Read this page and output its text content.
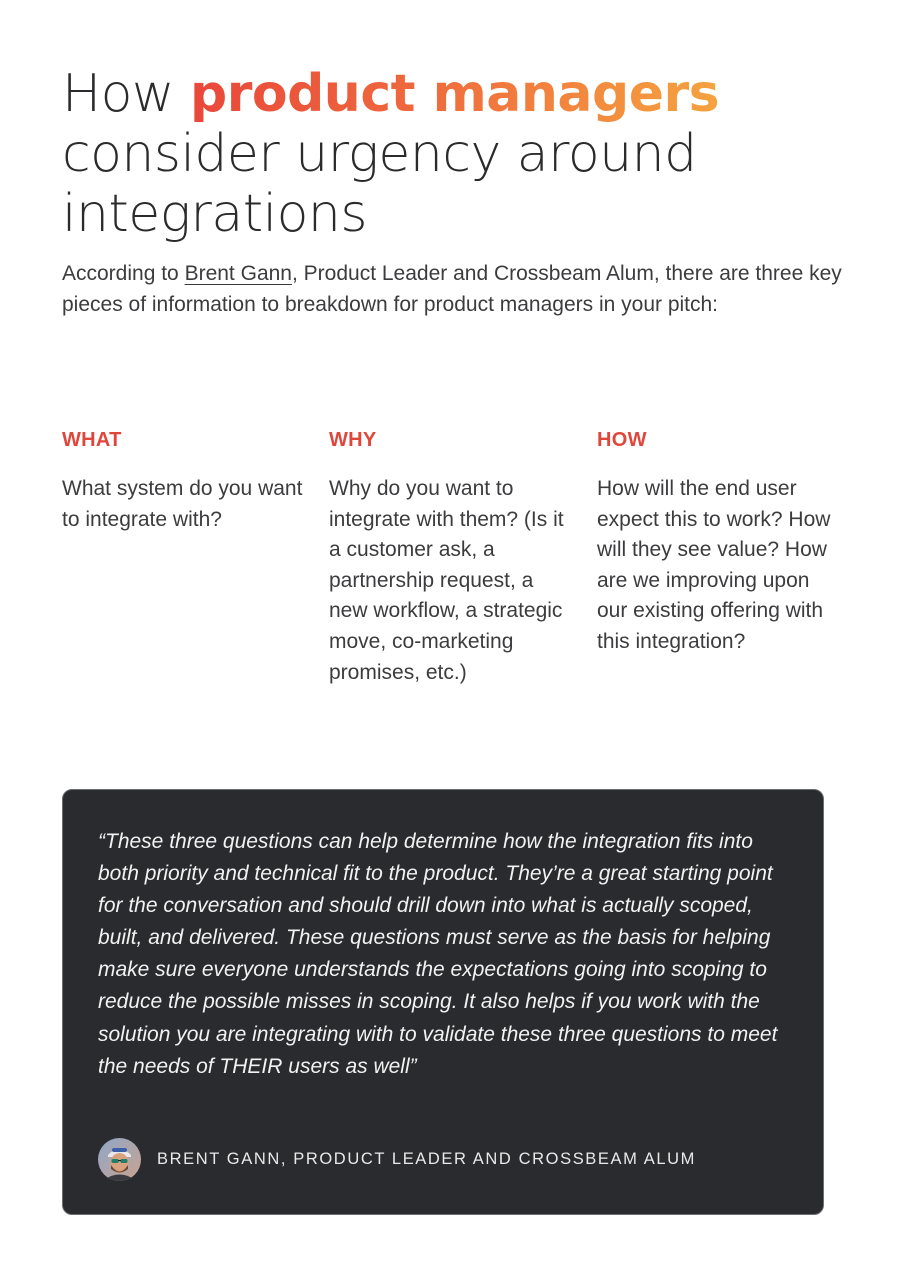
How product managers consider urgency around integrations

According to Brent Gann, Product Leader and Crossbeam Alum, there are three key pieces of information to breakdown for product managers in your pitch:

WHAT

What system do you want to integrate with?

WHY

Why do you want to integrate with them? (Is it a customer ask, a partnership request, a new workflow, a strategic move, co-marketing promises, etc.)

HOW

How will the end user expect this to work? How will they see value? How are we improving upon our existing offering with this integration?

“These three questions can help determine how the integration fits into both priority and technical fit to the product. They’re a great starting point for the conversation and should drill down into what is actually scoped, built, and delivered. These questions must serve as the basis for helping make sure everyone understands the expectations going into scoping to reduce the possible misses in scoping. It also helps if you work with the solution you are integrating with to validate these three questions to meet the needs of THEIR users as well”

BRENT GANN, PRODUCT LEADER AND CROSSBEAM ALUM
